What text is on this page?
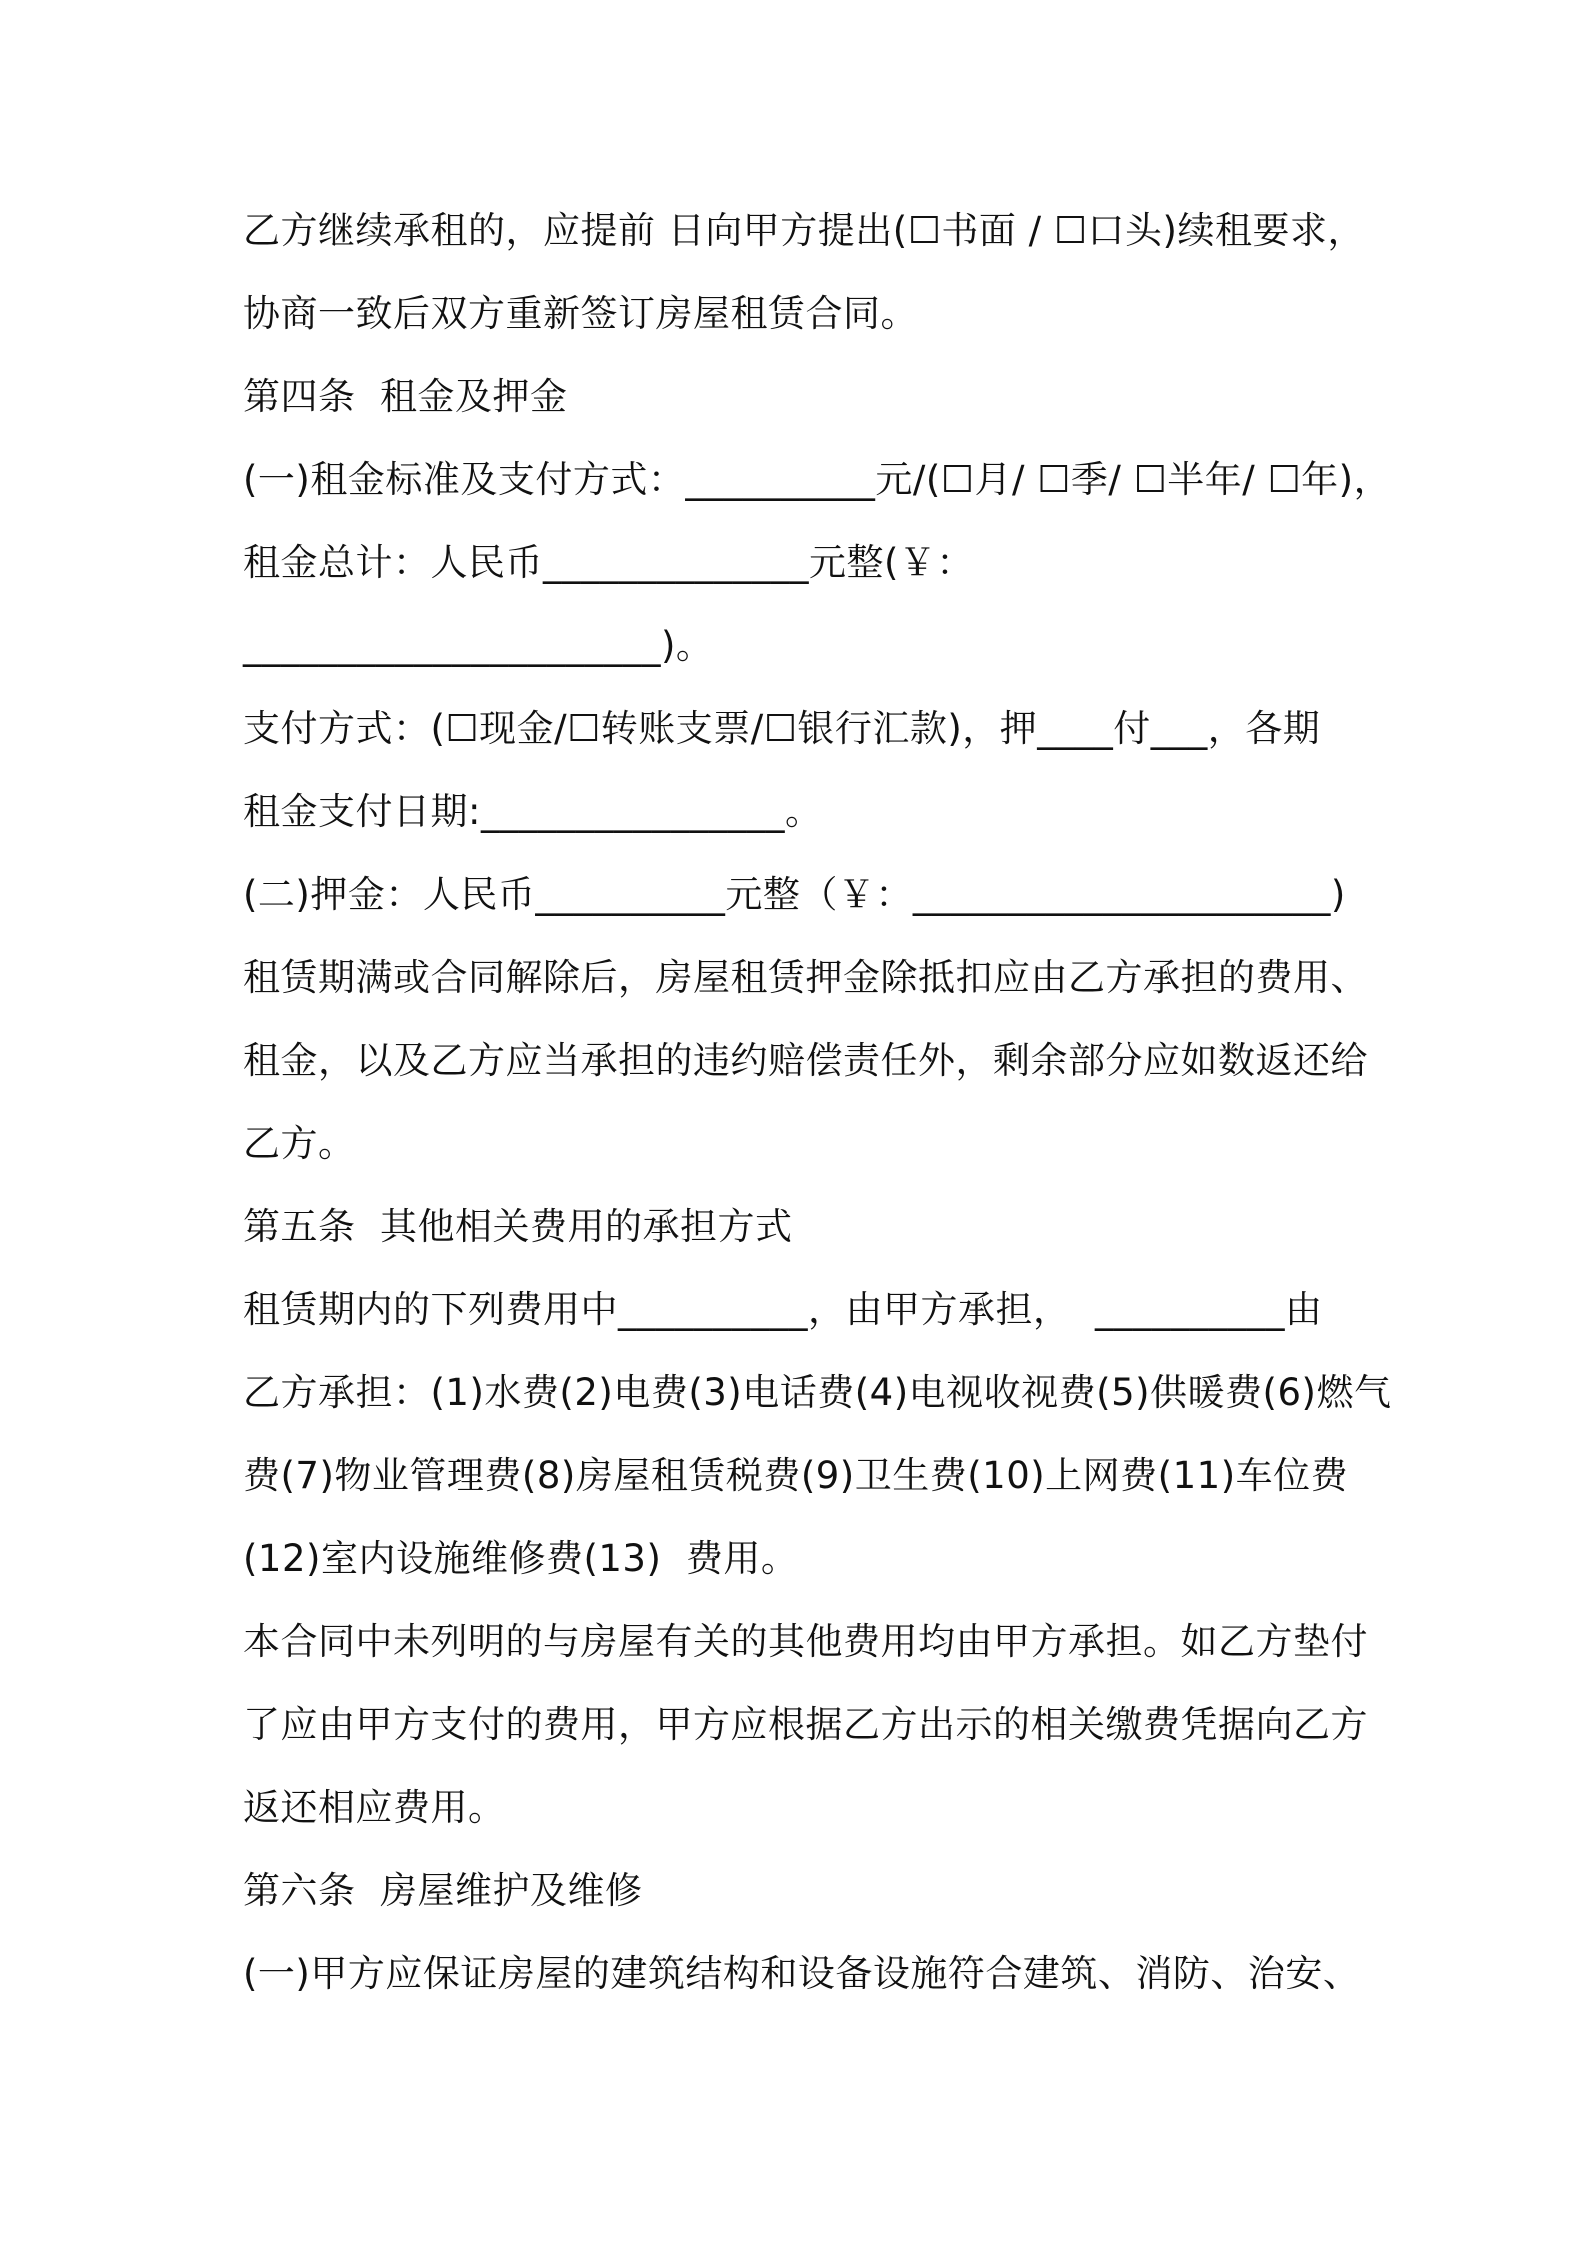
乙方继续承租的，应提前 日向甲方提出(☐书面 / ☐口头)续租要求，
协商一致后双方重新签订房屋租赁合同。
第四条  租金及押金
(一)租金标准及支付方式：__________元/(☐月/ ☐季/ ☐半年/ ☐年)，
租金总计：人民币______________元整(￥：
______________________)。
支付方式：(☐现金/☐转账支票/☐银行汇款)，押____付___，各期
租金支付日期:________________。
(二)押金：人民币__________元整（￥：______________________)
租赁期满或合同解除后，房屋租赁押金除抵扣应由乙方承担的费用、
租金，以及乙方应当承担的违约赔偿责任外，剩余部分应如数返还给
乙方。
第五条  其他相关费用的承担方式
租赁期内的下列费用中__________，由甲方承担，  __________由
乙方承担：(1)水费(2)电费(3)电话费(4)电视收视费(5)供暖费(6)燃气
费(7)物业管理费(8)房屋租赁税费(9)卫生费(10)上网费(11)车位费
(12)室内设施维修费(13)  费用。
本合同中未列明的与房屋有关的其他费用均由甲方承担。如乙方垫付
了应由甲方支付的费用，甲方应根据乙方出示的相关缴费凭据向乙方
返还相应费用。
第六条  房屋维护及维修
(一)甲方应保证房屋的建筑结构和设备设施符合建筑、消防、治安、
